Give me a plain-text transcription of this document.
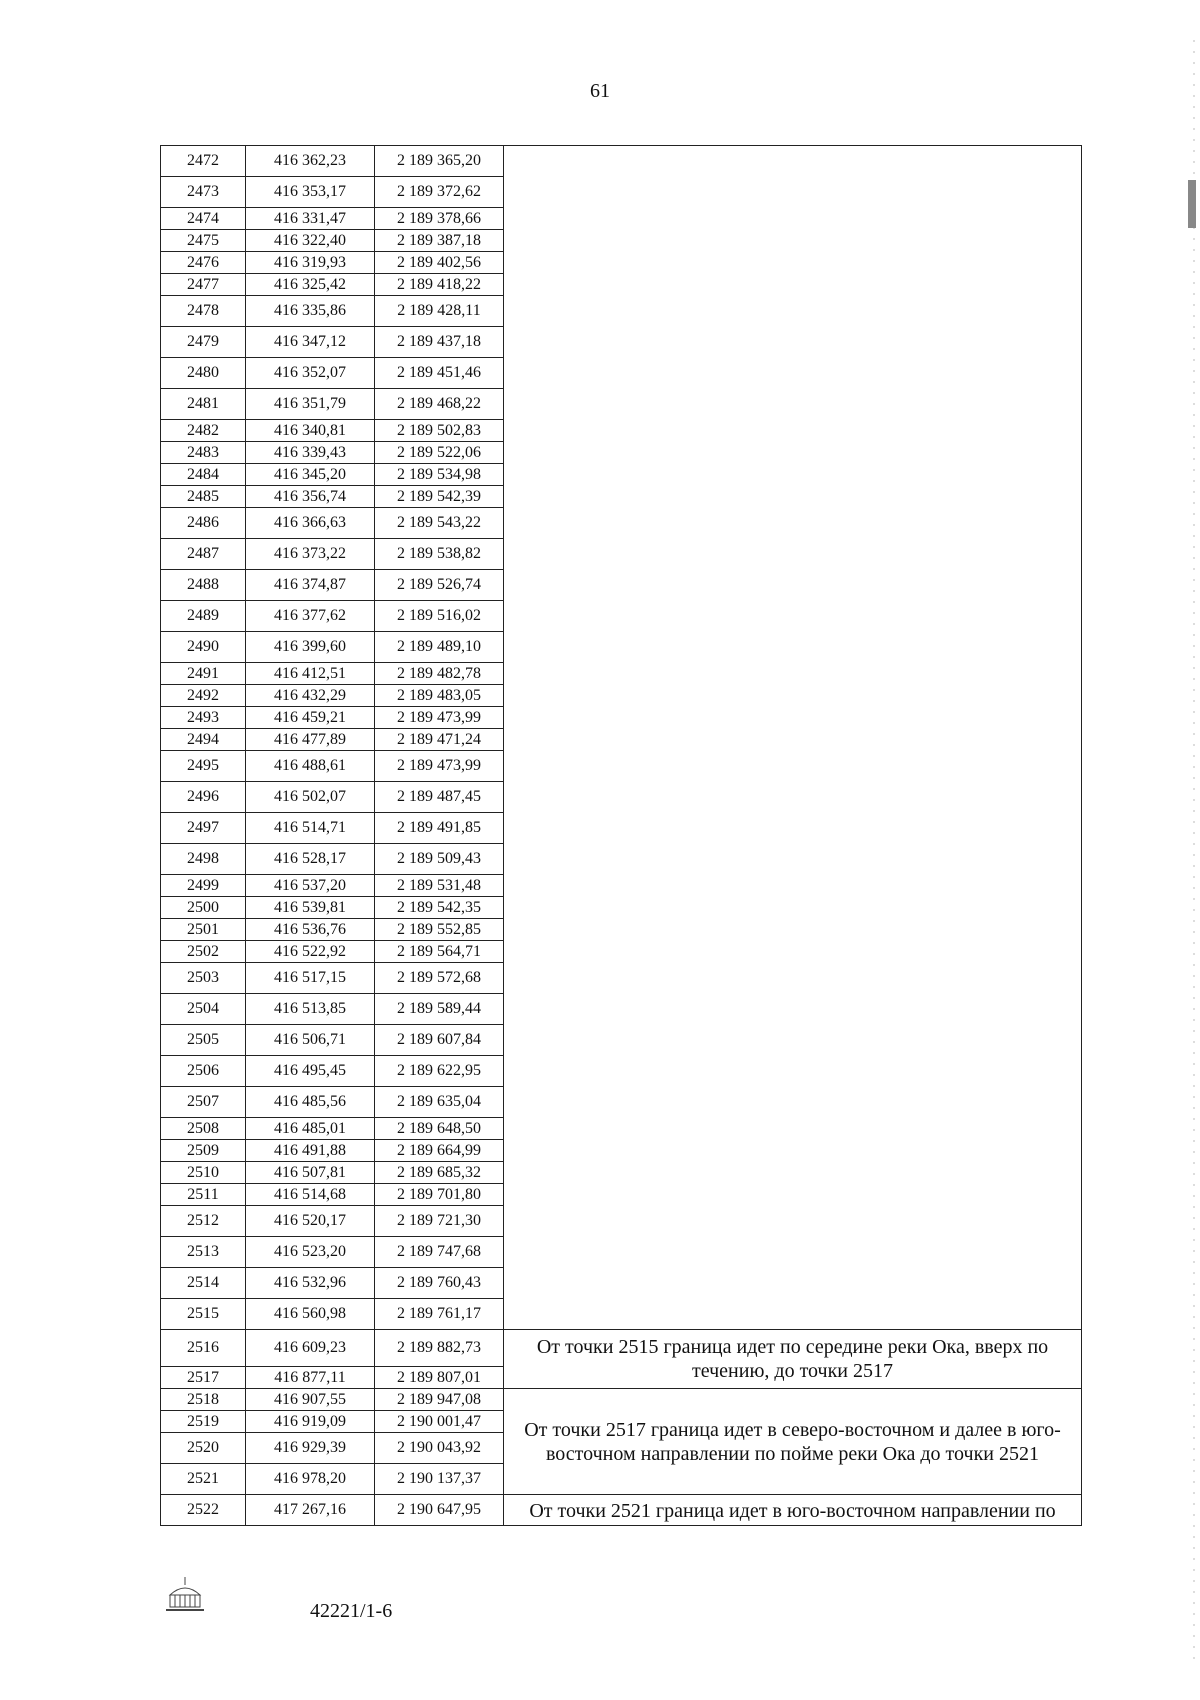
61
2472	416 362,23	2 189 365,20	
2473	416 353,17	2 189 372,62	
2474	416 331,47	2 189 378,66	
2475	416 322,40	2 189 387,18	
2476	416 319,93	2 189 402,56	
2477	416 325,42	2 189 418,22	
2478	416 335,86	2 189 428,11	
2479	416 347,12	2 189 437,18	
2480	416 352,07	2 189 451,46	
2481	416 351,79	2 189 468,22	
2482	416 340,81	2 189 502,83	
2483	416 339,43	2 189 522,06	
2484	416 345,20	2 189 534,98	
2485	416 356,74	2 189 542,39	
2486	416 366,63	2 189 543,22	
2487	416 373,22	2 189 538,82	
2488	416 374,87	2 189 526,74	
2489	416 377,62	2 189 516,02	
2490	416 399,60	2 189 489,10	
2491	416 412,51	2 189 482,78	
2492	416 432,29	2 189 483,05	
2493	416 459,21	2 189 473,99	
2494	416 477,89	2 189 471,24	
2495	416 488,61	2 189 473,99	
2496	416 502,07	2 189 487,45	
2497	416 514,71	2 189 491,85	
2498	416 528,17	2 189 509,43	
2499	416 537,20	2 189 531,48	
2500	416 539,81	2 189 542,35	
2501	416 536,76	2 189 552,85	
2502	416 522,92	2 189 564,71	
2503	416 517,15	2 189 572,68	
2504	416 513,85	2 189 589,44	
2505	416 506,71	2 189 607,84	
2506	416 495,45	2 189 622,95	
2507	416 485,56	2 189 635,04	
2508	416 485,01	2 189 648,50	
2509	416 491,88	2 189 664,99	
2510	416 507,81	2 189 685,32	
2511	416 514,68	2 189 701,80	
2512	416 520,17	2 189 721,30	
2513	416 523,20	2 189 747,68	
2514	416 532,96	2 189 760,43	
2515	416 560,98	2 189 761,17	
2516	416 609,23	2 189 882,73	От точки 2515 граница идет по середине реки Ока, вверх по течению, до точки 2517
2517	416 877,11	2 189 807,01	
2518	416 907,55	2 189 947,08	От точки 2517 граница идет в северо-восточном и далее в юго-восточном направлении по пойме реки Ока до точки 2521
2519	416 919,09	2 190 001,47	
2520	416 929,39	2 190 043,92	
2521	416 978,20	2 190 137,37	
2522	417 267,16	2 190 647,95	От точки 2521 граница идет в юго-восточном направлении по
42221/1-6
